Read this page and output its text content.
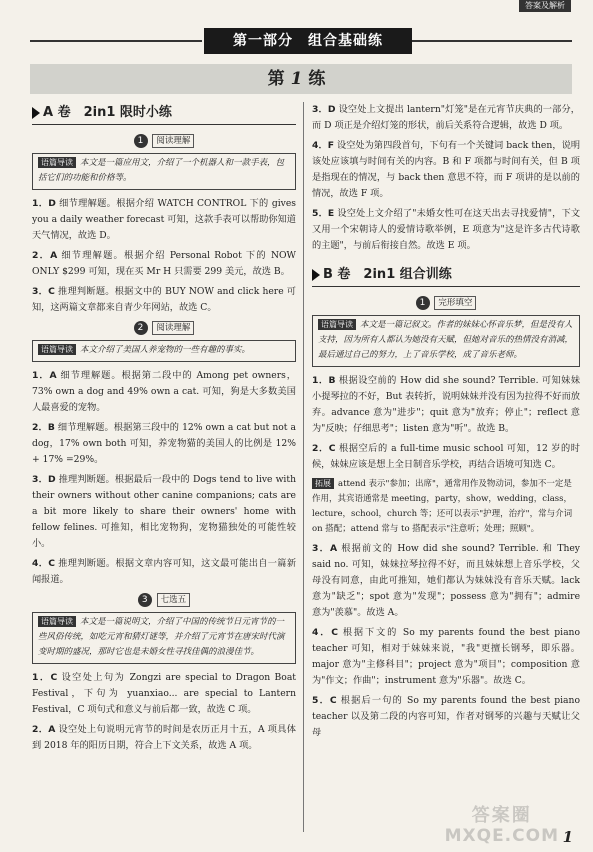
答案及解析
第一部分　组合基础练
第 1 练
A 卷　2in1 限时小练
1 阅读理解
语篇导读 本文是一篇应用文，介绍了一个机器人和一款手表，包括它们的功能和价格等。
1．D 细节理解题。根据介绍 WATCH CONTROL 下的 gives you a daily weather forecast 可知，这款手表可以帮助你知道天气情况，故选 D。
2．A 细节理解题。根据介绍 Personal Robot 下的 NOW ONLY $299 可知，现在买 Mr H 只需要 299 美元，故选 B。
3．C 推理判断题。根据文中的 BUY NOW and click here 可知，这两篇文章都来自青少年网站，故选 C。
2 阅读理解
语篇导读 本文介绍了美国人养宠物的一些有趣的事实。
1．A 细节理解题。根据第二段中的 Among pet owners，73% own a dog and 49% own a cat. 可知，狗是大多数美国人最喜爱的宠物。
2．B 细节理解题。根据第三段中的 12% own a cat but not a dog，17% own both 可知，养宠物猫的美国人的比例是 12% + 17% =29%。
3．D 推理判断题。根据最后一段中的 Dogs tend to live with their owners without other canine companions; cats are a bit more likely to share their owners' home with fellow felines. 可推知，相比宠物狗，宠物猫独处的可能性较小。
4．C 推理判断题。根据文章内容可知，这文最可能出自一篇新闻报道。
3 七选五
语篇导读 本文是一篇说明文，介绍了中国的传统节日元宵节的一些风俗传统，如吃元宵和猜灯谜等，并介绍了元宵节在唐宋时代演变时期的盛况，那时它也是未婚女性寻找佳偶的浪漫佳节。
1．C 设空处上句为 Zongzi are special to Dragon Boat Festival，下句为 yuanxiao... are special to Lantern Festival，C 项句式和意义与前后都一致，故选 C 项。
2．A 设空处上句说明元宵节的时间是农历正月十五，A 项具体到 2018 年的阳历日期，符合上下文关系，故选 A 项。
3．D 设空处上文提出 lantern"灯笼"是在元宵节庆典的一部分，而 D 项正是介绍灯笼的形状，前后关系符合逻辑，故选 D 项。
4．F 设空处为第四段首句，下句有一个关键词 back then，说明该处应该填与时间有关的内容。B 和 F 项都与时间有关，但 B 项是指现在的情况，与 back then 意思不符，而 F 项讲的是以前的情况，故选 F 项。
5．E 设空处上文介绍了"未婚女性可在这天出去寻找爱情"，下文又用一个宋朝诗人的爱情诗歌举例，E 项意为"这是许多古代诗歌的主题"，与前后衔接自然。故选 E 项。
B 卷　2in1 组合训练
1 完形填空
语篇导读 本文是一篇记叙文。作者的妹妹心怀音乐梦，但是没有人支持，因为所有人都认为她没有天赋，但她对音乐的热情没有消减，最后通过自己的努力，上了音乐学校，成了音乐老师。
1．B 根据设空前的 How did she sound? Terrible. 可知妹妹小提琴拉的不好，But 表转折，说明妹妹并没有因为拉得不好而放弃。advance 意为"进步"；quit 意为"放弃；停止"；reflect 意为"反映；仔细思考"；listen 意为"听"。故选 B。
2．C 根据空后的 a full-time music school 可知，12 岁的时候，妹妹应该是想上全日制音乐学校，再结合语境可知选 C。
拓展 attend 表示"参加；出席"，通常用作及物动词，参加不一定是作用，其宾语通常是 meeting，party，show，wedding，class，lecture，school，church 等；还可以表示"护理，治疗"，常与介词 on 搭配；attend 常与 to 搭配表示"注意听；处理；照顾"。
3．A 根据前文的 How did she sound? Terrible. 和 They said no. 可知，妹妹拉琴拉得不好，而且妹妹想上音乐学校，父母没有同意，由此可推知，她们都认为妹妹没有音乐天赋。lack 意为"缺乏"；spot 意为"发现"；possess 意为"拥有"；admire 意为"羡慕"。故选 A。
4．C 根据下文的 So my parents found the best piano teacher 可知，相对于妹妹来说，"我"更擅长钢琴，即乐器。major 意为"主修科目"；project 意为"项目"；composition 意为"作文；作曲"；instrument 意为"乐器"。故选 C。
5．C 根据后一句的 So my parents found the best piano teacher 以及第二段的内容可知，作者对钢琴的兴趣与天赋让父母
答案圈
MXQE.COM 1
